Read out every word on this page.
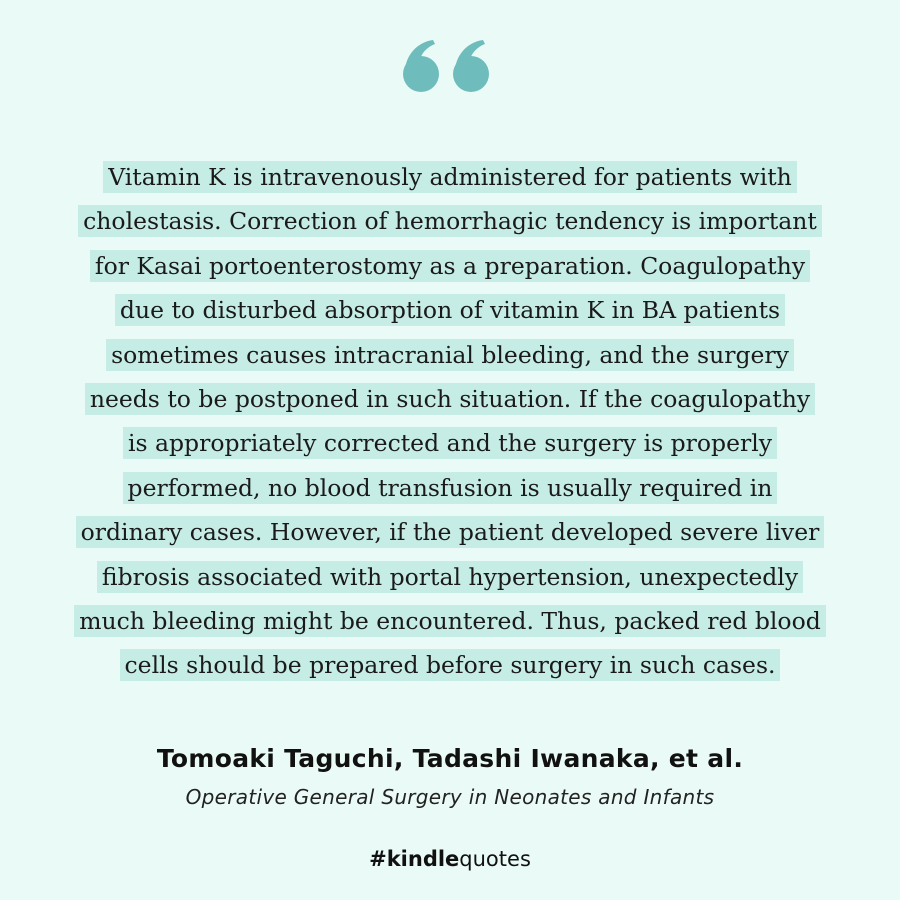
Vitamin K is intravenously administered for patients with
cholestasis. Correction of hemorrhagic tendency is important
for Kasai portoenterostomy as a preparation. Coagulopathy
due to disturbed absorption of vitamin K in BA patients
sometimes causes intracranial bleeding, and the surgery
needs to be postponed in such situation. If the coagulopathy
is appropriately corrected and the surgery is properly
performed, no blood transfusion is usually required in
ordinary cases. However, if the patient developed severe liver
fibrosis associated with portal hypertension, unexpectedly
much bleeding might be encountered. Thus, packed red blood
cells should be prepared before surgery in such cases.
Tomoaki Taguchi, Tadashi Iwanaka, et al.
Operative General Surgery in Neonates and Infants
#kindlequotes
